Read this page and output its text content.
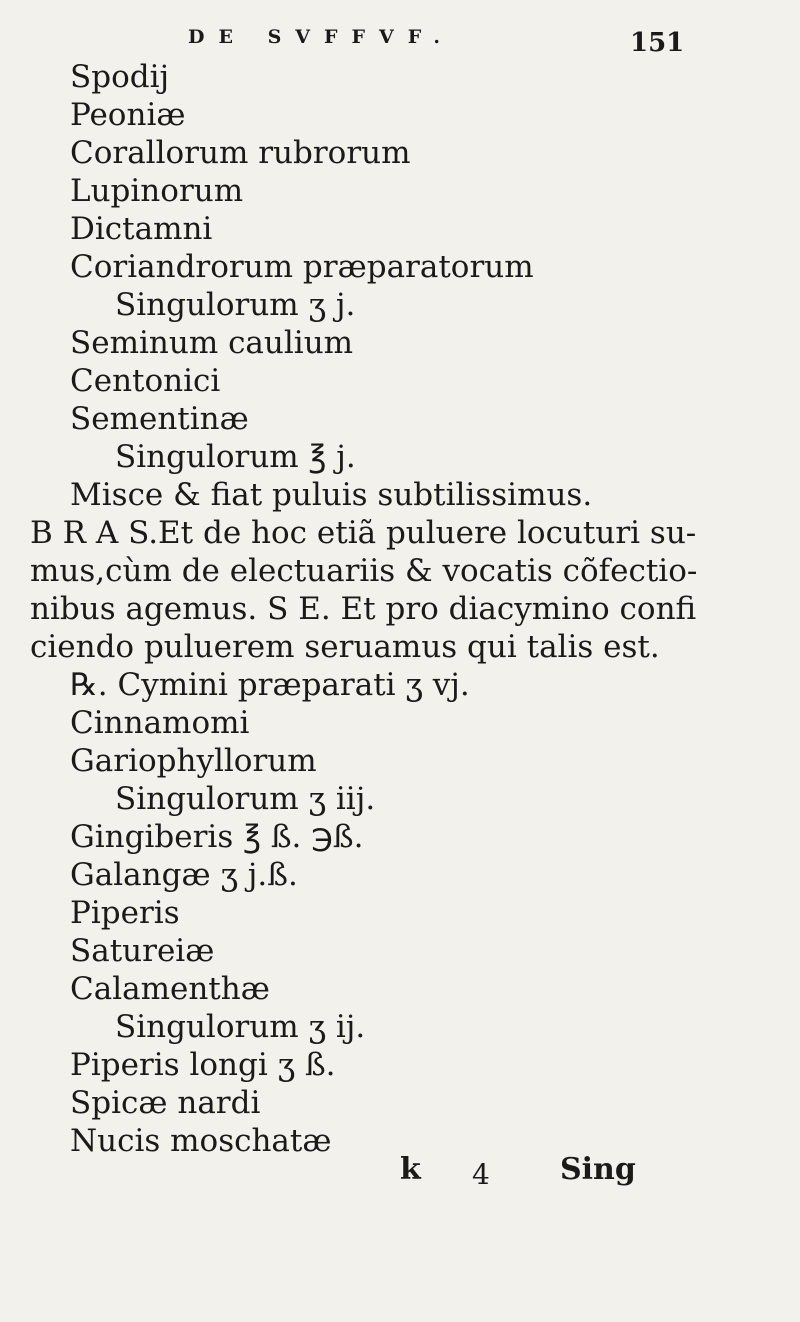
DE SVFFVF.	151
Spodij
Peoniæ
Corallorum rubrorum
Lupinorum
Dictamni
Coriandrorum præparatorum
Singulorum ʒ j.
Seminum caulium
Centonici
Sementinæ
Singulorum ℥ j.
Misce & fiat puluis subtilissimus.
B R A S.Et de hoc etiã puluere locuturi su-
mus,cùm de electuariis & vocatis cõfectio-
nibus agemus. S E. Et pro diacymino confi
ciendo puluerem seruamus qui talis est.
℞. Cymini præparati ʒ vj.
Cinnamomi
Gariophyllorum
Singulorum ʒ iij.
Gingiberis ℥ ß. ℈ß.
Galangæ ʒ j.ß.
Piperis
Satureiæ
Calamenthæ
Singulorum ʒ ij.
Piperis longi ʒ ß.
Spicæ nardi
Nucis moschatæ
k 4 Sing
